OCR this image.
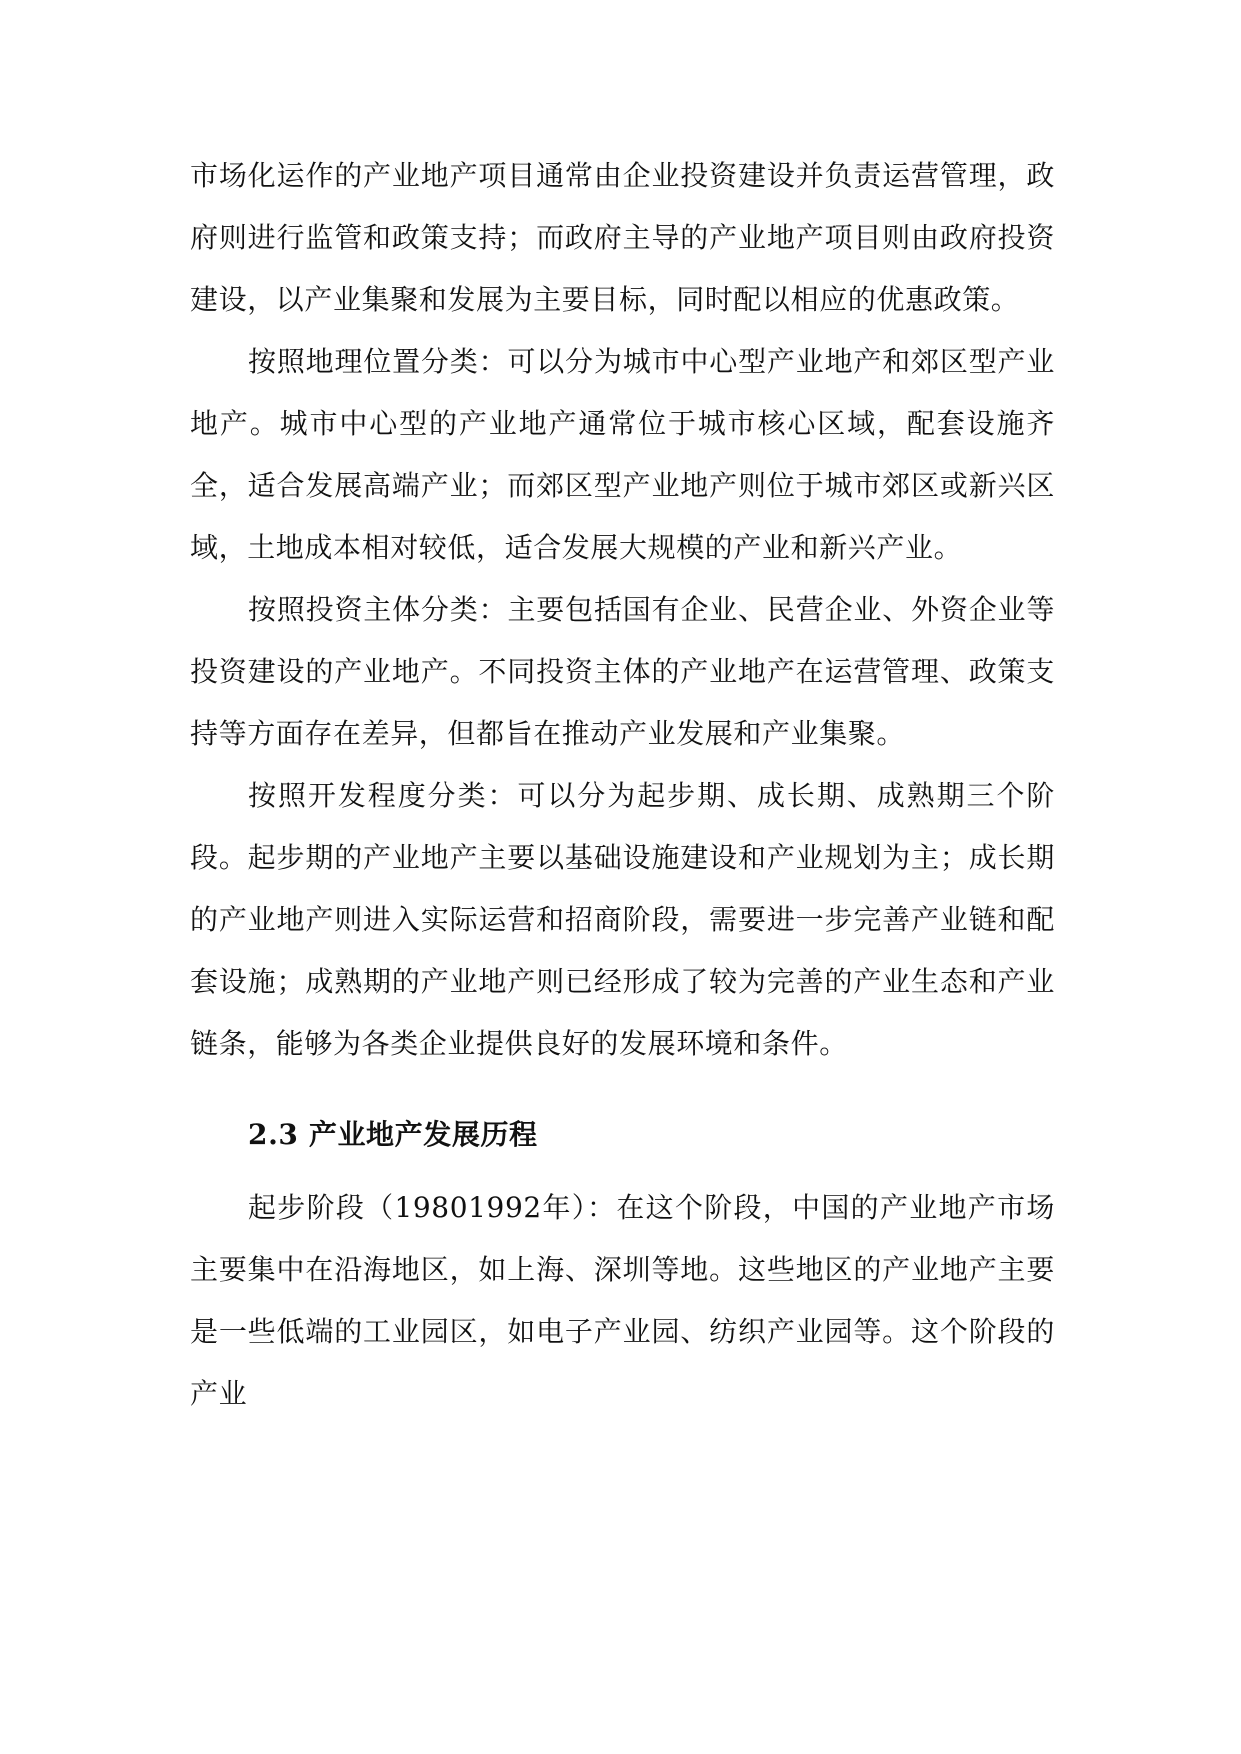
市场化运作的产业地产项目通常由企业投资建设并负责运营管理，政府则进行监管和政策支持；而政府主导的产业地产项目则由政府投资建设，以产业集聚和发展为主要目标，同时配以相应的优惠政策。

按照地理位置分类：可以分为城市中心型产业地产和郊区型产业地产。城市中心型的产业地产通常位于城市核心区域，配套设施齐全，适合发展高端产业；而郊区型产业地产则位于城市郊区或新兴区域，土地成本相对较低，适合发展大规模的产业和新兴产业。

按照投资主体分类：主要包括国有企业、民营企业、外资企业等投资建设的产业地产。不同投资主体的产业地产在运营管理、政策支持等方面存在差异，但都旨在推动产业发展和产业集聚。

按照开发程度分类：可以分为起步期、成长期、成熟期三个阶段。起步期的产业地产主要以基础设施建设和产业规划为主；成长期的产业地产则进入实际运营和招商阶段，需要进一步完善产业链和配套设施；成熟期的产业地产则已经形成了较为完善的产业生态和产业链条，能够为各类企业提供良好的发展环境和条件。

2.3 产业地产发展历程

起步阶段（19801992年）：在这个阶段，中国的产业地产市场主要集中在沿海地区，如上海、深圳等地。这些地区的产业地产主要是一些低端的工业园区，如电子产业园、纺织产业园等。这个阶段的产业
